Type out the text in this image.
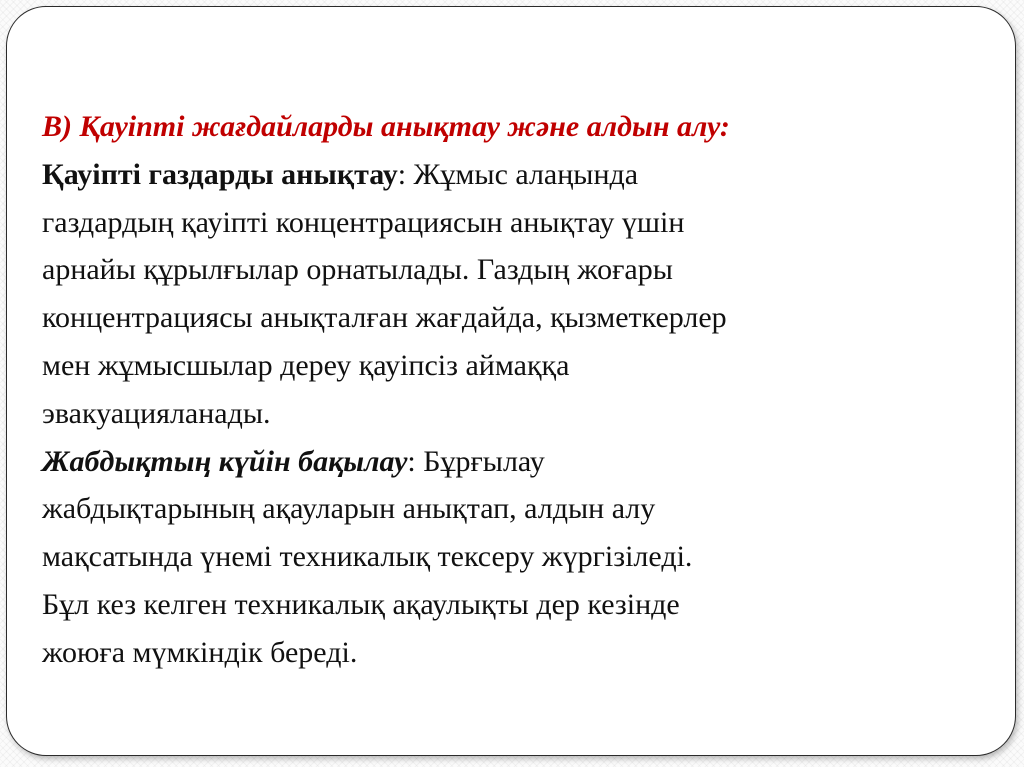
В) Қауіпті жағдайларды анықтау және алдын алу:
Қауіпті газдарды анықтау: Жұмыс алаңында
газдардың қауіпті концентрациясын анықтау үшін
арнайы құрылғылар орнатылады. Газдың жоғары
концентрациясы анықталған жағдайда, қызметкерлер
мен жұмысшылар дереу қауіпсіз аймаққа
эвакуацияланады.
Жабдықтың күйін бақылау: Бұрғылау
жабдықтарының ақауларын анықтап, алдын алу
мақсатында үнемі техникалық тексеру жүргізіледі.
Бұл кез келген техникалық ақаулықты дер кезінде
жоюға мүмкіндік береді.
